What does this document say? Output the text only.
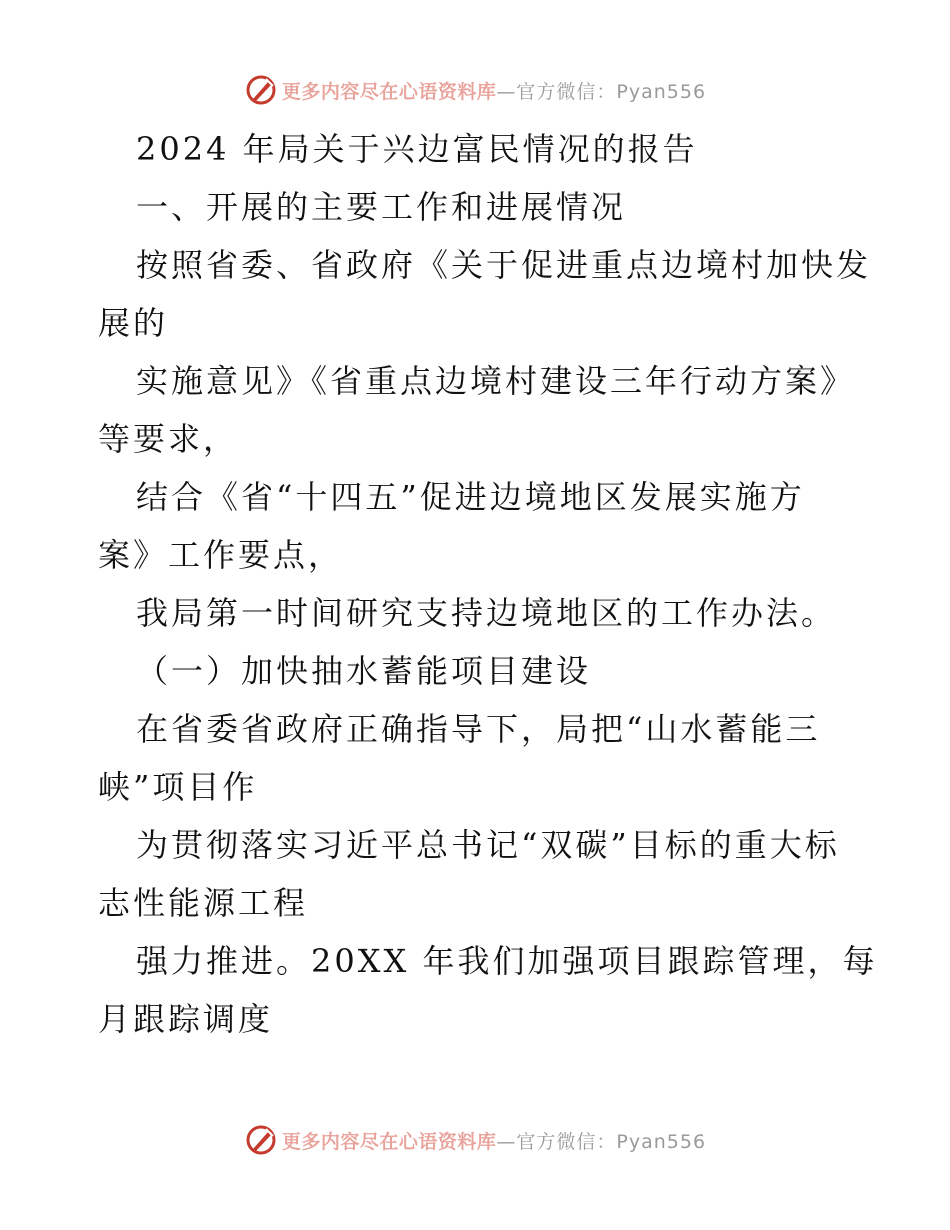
更多内容尽在心语资料库 —官方微信：Pyan556
2024 年局关于兴边富民情况的报告
一、开展的主要工作和进展情况
按照省委、省政府《关于促进重点边境村加快发
展的
实施意见》《省重点边境村建设三年行动方案》
等要求，
结合《省“十四五”促进边境地区发展实施方
案》工作要点，
我局第一时间研究支持边境地区的工作办法。
（一）加快抽水蓄能项目建设
在省委省政府正确指导下，局把“山水蓄能三
峡”项目作
为贯彻落实习近平总书记“双碳”目标的重大标
志性能源工程
强力推进。20XX 年我们加强项目跟踪管理，每
月跟踪调度
更多内容尽在心语资料库 —官方微信：Pyan556
